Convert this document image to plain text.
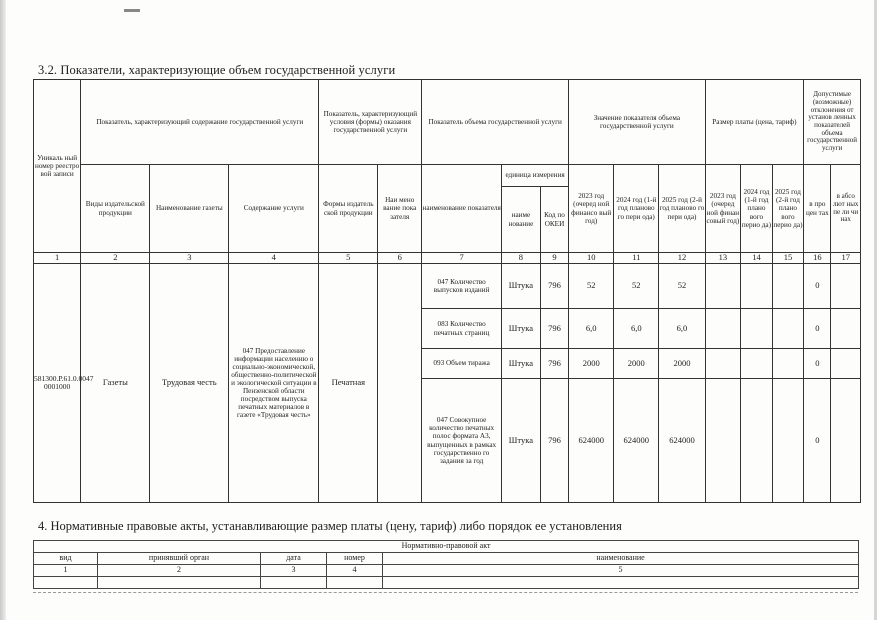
3.2. Показатели, характеризующие объем государственной услуги
Уникаль ный номер реестро вой записи	Показатель, характеризующий содержание государственной услуги			Показатель, характеризующий условия (формы) оказания государственной услуги		Показатель объема государственной услуги			Значение показателя объема государственной услуги			Размер платы (цена, тариф)			Допустимые (возможные) отклонения от установ ленных показателей объема государственной услуги	
	Виды издательской продукции	Наименование газеты	Содержание услуги	Формы издатель ской продукции	Наи мено вание пока зателя	наименование показателя	единица измерения		2023 год (очеред ной финансо вый год)	2024 год (1-й год планово го пери ода)	2025 год (2-й год планово го пери ода)	2023 год (очеред ной финан совый год)	2024 год (1-й год плано вого перио да)	2025 год (2-й год плано вого перио да)	в про цен тах	в абсо лют ных пе ли чи нах
							наиме нование	Код по ОКЕИ								
1	2	3	4	5	6	7	8	9	10	11	12	13	14	15	16	17
581300.Р.61.0.0047 0001000	Газеты	Трудовая честь	047 Предоставление информации населению о социально-экономической, общественно-политической и экологической ситуации в Пензенской области посредством выпуска печатных материалов в газете «Трудовая честь»	Печатная		047 Количество выпусков изданий	Штука	796	52	52	52				0	
						083 Количество печатных страниц	Штука	796	6,0	6,0	6,0				0	
						093 Объем тиража	Штука	796	2000	2000	2000				0	
						047 Совокупное количество печатных полос формата А3, выпущенных в рамках государственно го задания за год	Штука	796	624000	624000	624000				0	
4. Нормативные правовые акты, устанавливающие размер платы (цену, тариф) либо порядок ее установления
Нормативно-правовой акт				
вид	принявший орган	дата	номер	наименование
1	2	3	4	5
